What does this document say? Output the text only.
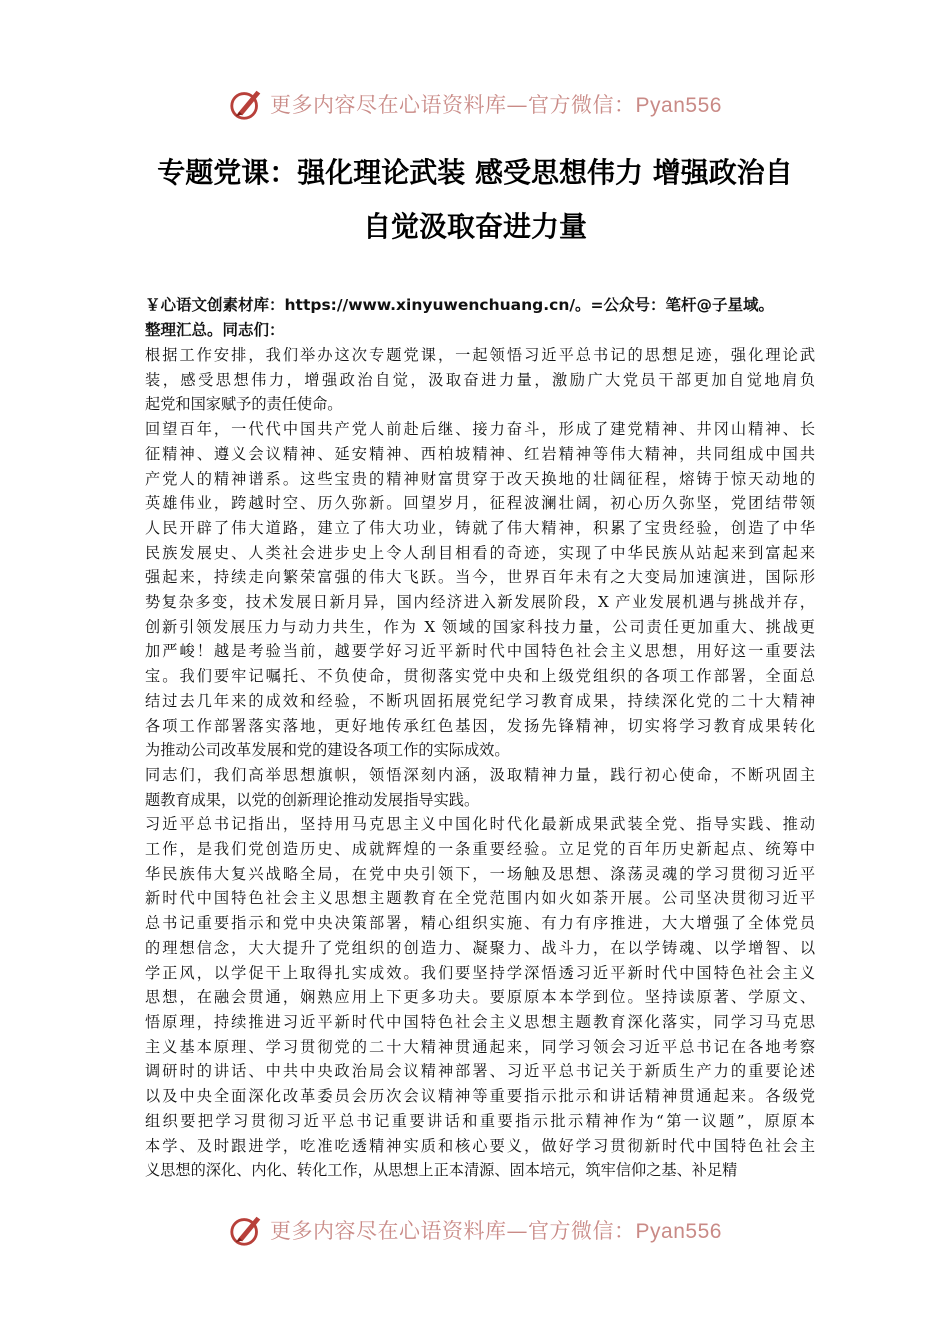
更多内容尽在心语资料库—官方微信：Pyan556
专题党课：强化理论武装 感受思想伟力 增强政治自
自觉汲取奋进力量
￥心语文创素材库：https://www.xinyuwenchuang.cn/。=公众号：笔杆@子星域。
整理汇总。同志们：
根据工作安排，我们举办这次专题党课，一起领悟习近平总书记的思想足迹，强化理论武
装，感受思想伟力，增强政治自觉，汲取奋进力量，激励广大党员干部更加自觉地肩负
起党和国家赋予的责任使命。
回望百年，一代代中国共产党人前赴后继、接力奋斗，形成了建党精神、井冈山精神、长
征精神、遵义会议精神、延安精神、西柏坡精神、红岩精神等伟大精神，共同组成中国共
产党人的精神谱系。这些宝贵的精神财富贯穿于改天换地的壮阔征程，熔铸于惊天动地的
英雄伟业，跨越时空、历久弥新。回望岁月，征程波澜壮阔，初心历久弥坚，党团结带领
人民开辟了伟大道路，建立了伟大功业，铸就了伟大精神，积累了宝贵经验，创造了中华
民族发展史、人类社会进步史上令人刮目相看的奇迹，实现了中华民族从站起来到富起来
强起来，持续走向繁荣富强的伟大飞跃。当今，世界百年未有之大变局加速演进，国际形
势复杂多变，技术发展日新月异，国内经济进入新发展阶段，X 产业发展机遇与挑战并存，
创新引领发展压力与动力共生，作为 X 领域的国家科技力量，公司责任更加重大、挑战更
加严峻！越是考验当前，越要学好习近平新时代中国特色社会主义思想，用好这一重要法
宝。我们要牢记嘱托、不负使命，贯彻落实党中央和上级党组织的各项工作部署，全面总
结过去几年来的成效和经验，不断巩固拓展党纪学习教育成果，持续深化党的二十大精神
各项工作部署落实落地，更好地传承红色基因，发扬先锋精神，切实将学习教育成果转化
为推动公司改革发展和党的建设各项工作的实际成效。
同志们，我们高举思想旗帜，领悟深刻内涵，汲取精神力量，践行初心使命，不断巩固主
题教育成果，以党的创新理论推动发展指导实践。
习近平总书记指出，坚持用马克思主义中国化时代化最新成果武装全党、指导实践、推动
工作，是我们党创造历史、成就辉煌的一条重要经验。立足党的百年历史新起点、统筹中
华民族伟大复兴战略全局，在党中央引领下，一场触及思想、涤荡灵魂的学习贯彻习近平
新时代中国特色社会主义思想主题教育在全党范围内如火如荼开展。公司坚决贯彻习近平
总书记重要指示和党中央决策部署，精心组织实施、有力有序推进，大大增强了全体党员
的理想信念，大大提升了党组织的创造力、凝聚力、战斗力，在以学铸魂、以学增智、以
学正风，以学促干上取得扎实成效。我们要坚持学深悟透习近平新时代中国特色社会主义
思想，在融会贯通，娴熟应用上下更多功夫。要原原本本学到位。坚持读原著、学原文、
悟原理，持续推进习近平新时代中国特色社会主义思想主题教育深化落实，同学习马克思
主义基本原理、学习贯彻党的二十大精神贯通起来，同学习领会习近平总书记在各地考察
调研时的讲话、中共中央政治局会议精神部署、习近平总书记关于新质生产力的重要论述
以及中央全面深化改革委员会历次会议精神等重要指示批示和讲话精神贯通起来。各级党
组织要把学习贯彻习近平总书记重要讲话和重要指示批示精神作为“第一议题”，原原本
本学、及时跟进学，吃准吃透精神实质和核心要义，做好学习贯彻新时代中国特色社会主
义思想的深化、内化、转化工作，从思想上正本清源、固本培元，筑牢信仰之基、补足精
更多内容尽在心语资料库—官方微信：Pyan556
